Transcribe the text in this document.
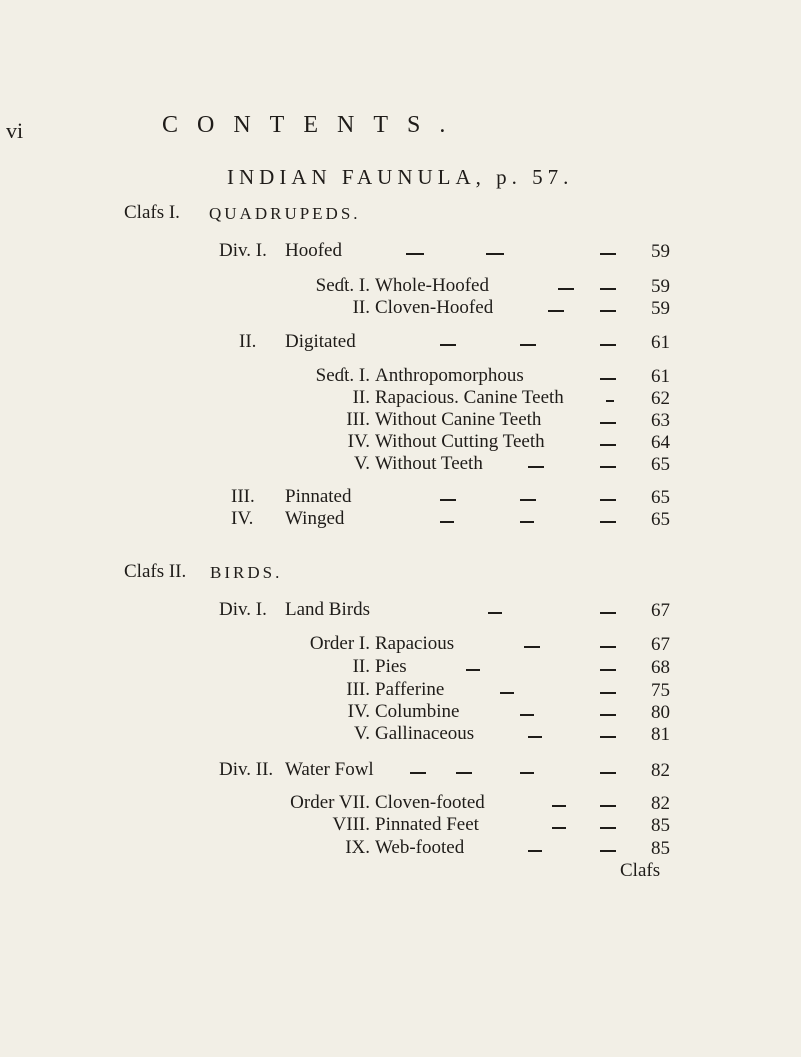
vi	CONTENTS.
INDIAN FAUNULA, p. 57.
Clafs I. QUADRUPEDS.
Div. I. Hoofed	59
Seɗt. I. Whole-Hoofed	59
II. Cloven-Hoofed	59
II. Digitated	61
Seɗt. I. Anthropomorphous	61
II. Rapacious. Canine Teeth	62
III. Without Canine Teeth	63
IV. Without Cutting Teeth	64
V. Without Teeth	65
III. Pinnated	65
IV. Winged	65
Clafs II. BIRDS.
Div. I. Land Birds	67
Order I. Rapacious	67
II. Pies	68
III. Pafferine	75
IV. Columbine	80
V. Gallinaceous	81
Div. II. Water Fowl	82
Order VII. Cloven-footed	82
VIII. Pinnated Feet	85
IX. Web-footed	85
Clafs
